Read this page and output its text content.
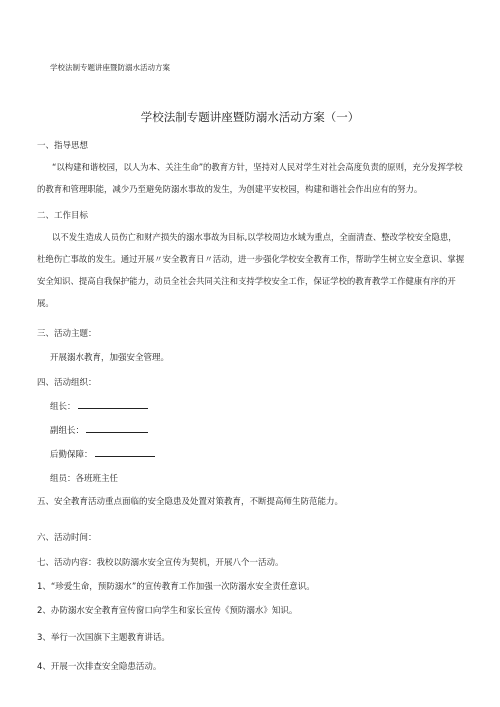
学校法制专题讲座暨防溺水活动方案
学校法制专题讲座暨防溺水活动方案（一）
一、指导思想
“以构建和谐校园，以人为本、关注生命”的教育方针，坚持对人民对学生对社会高度负责的原则，充分发挥学校的教育和管理职能，减少乃至避免防溺水事故的发生，为创建平安校园，构建和谐社会作出应有的努力。
二、工作目标
以不发生造成人员伤亡和财产损失的溺水事故为目标,以学校周边水域为重点，全面清查、整改学校安全隐患，杜绝伤亡事故的发生。通过开展〃安全教育日〃活动，进一步强化学校安全教育工作，帮助学生树立安全意识、掌握安全知识、提高自我保护能力，动员全社会共同关注和支持学校安全工作，保证学校的教育教学工作健康有序的开展。
三、活动主题：
开展溺水教育，加强安全管理。
四、活动组织：
组长：
副组长：
后勤保障：
组员：各班班主任
五、安全教育活动重点面临的安全隐患及处置对策教育，不断提高师生防范能力。
六、活动时间：
七、活动内容：我校以防溺水安全宣传为契机，开展八个一活动。
1、“珍爱生命，预防溺水”的宣传教育工作加强一次防溺水安全责任意识。
2、办防溺水安全教育宣传窗口向学生和家长宣传《预防溺水》知识。
3、举行一次国旗下主题教育讲话。
4、开展一次排查安全隐患活动。
